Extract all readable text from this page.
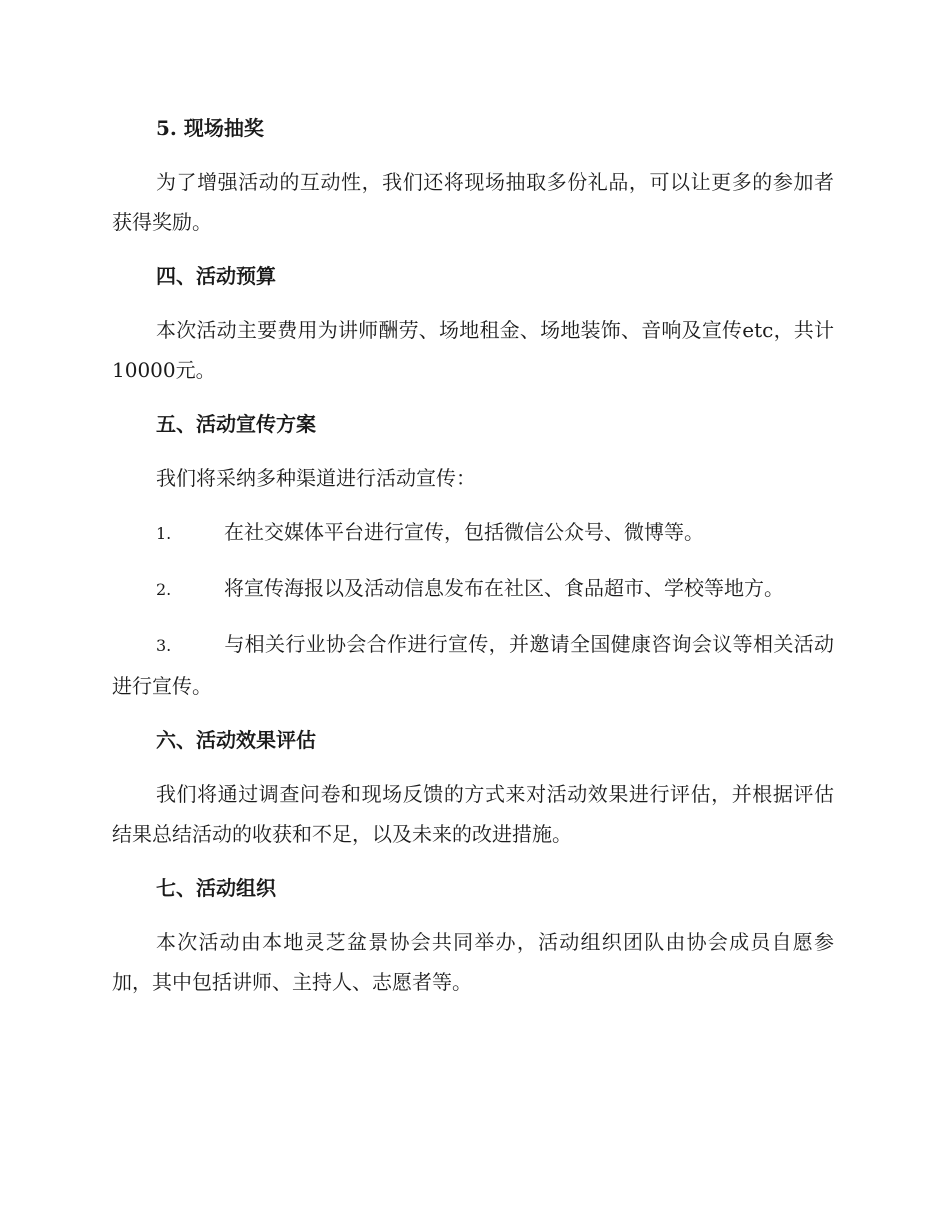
5. 现场抽奖

为了增强活动的互动性，我们还将现场抽取多份礼品，可以让更多的参加者获得奖励。

四、活动预算

本次活动主要费用为讲师酬劳、场地租金、场地装饰、音响及宣传etc，共计10000元。

五、活动宣传方案

我们将采纳多种渠道进行活动宣传：

1.	在社交媒体平台进行宣传，包括微信公众号、微博等。

2.	将宣传海报以及活动信息发布在社区、食品超市、学校等地方。

3.	与相关行业协会合作进行宣传，并邀请全国健康咨询会议等相关活动进行宣传。

六、活动效果评估

我们将通过调查问卷和现场反馈的方式来对活动效果进行评估，并根据评估结果总结活动的收获和不足，以及未来的改进措施。

七、活动组织

本次活动由本地灵芝盆景协会共同举办，活动组织团队由协会成员自愿参加，其中包括讲师、主持人、志愿者等。
